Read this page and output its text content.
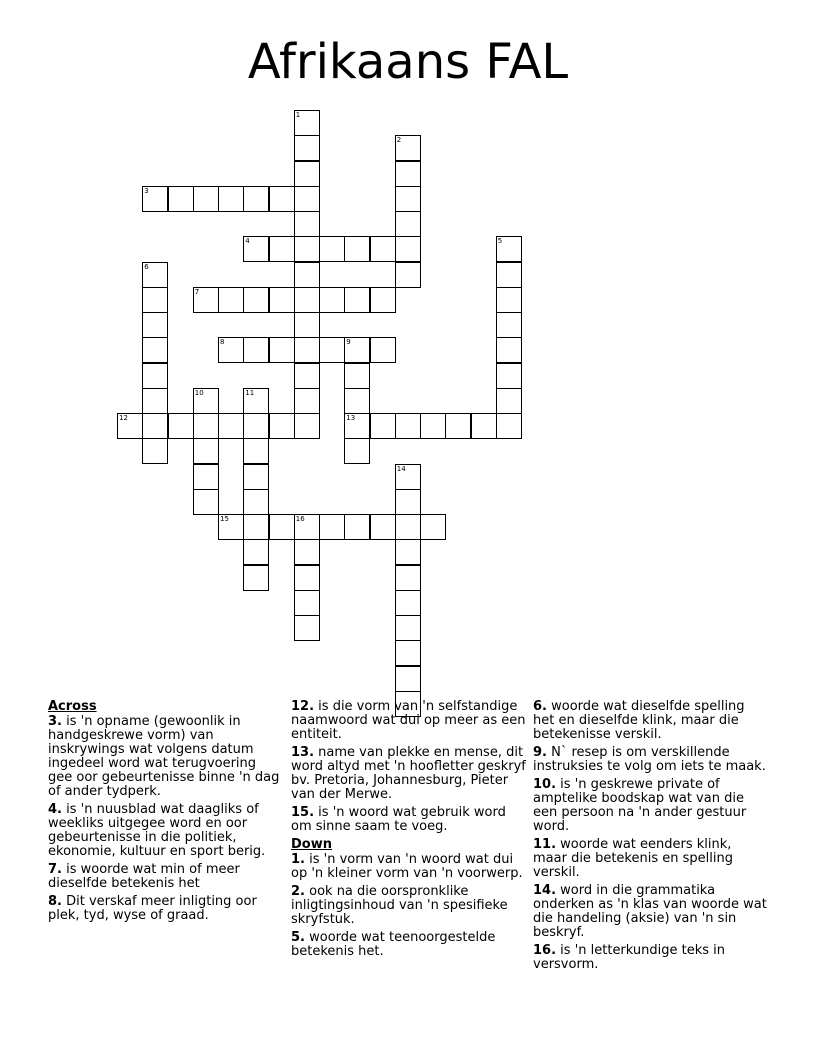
Afrikaans FAL
1
2
3
4	5
6
7
8	9
13
10	11
12
14
15	16
Across
3. is 'n opname (gewoonlik in handgeskrewe vorm) van inskrywings wat volgens datum ingedeel word wat terugvoering gee oor gebeurtenisse binne 'n dag of ander tydperk.
4. is 'n nuusblad wat daagliks of weekliks uitgegee word en oor gebeurtenisse in die politiek, ekonomie, kultuur en sport berig.
7. is woorde wat min of meer dieselfde betekenis het
8. Dit verskaf meer inligting oor plek, tyd, wyse of graad.
12. is die vorm van 'n selfstandige naamwoord wat dui op meer as een entiteit.
13. name van plekke en mense, dit word altyd met 'n hoofletter geskryf bv. Pretoria, Johannesburg, Pieter van der Merwe.
15. is 'n woord wat gebruik word om sinne saam te voeg.
Down
1. is 'n vorm van 'n woord wat dui op 'n kleiner vorm van 'n voorwerp.
2. ook na die oorspronklike inligtingsinhoud van 'n spesifieke skryfstuk.
5. woorde wat teenoorgestelde betekenis het.
6. woorde wat dieselfde spelling het en dieselfde klink, maar die betekenisse verskil.
9. N` resep is om verskillende instruksies te volg om iets te maak.
10. is 'n geskrewe private of amptelike boodskap wat van die een persoon na 'n ander gestuur word.
11. woorde wat eenders klink, maar die betekenis en spelling verskil.
14. word in die grammatika onderken as 'n klas van woorde wat die handeling (aksie) van 'n sin beskryf.
16. is 'n letterkundige teks in versvorm.
